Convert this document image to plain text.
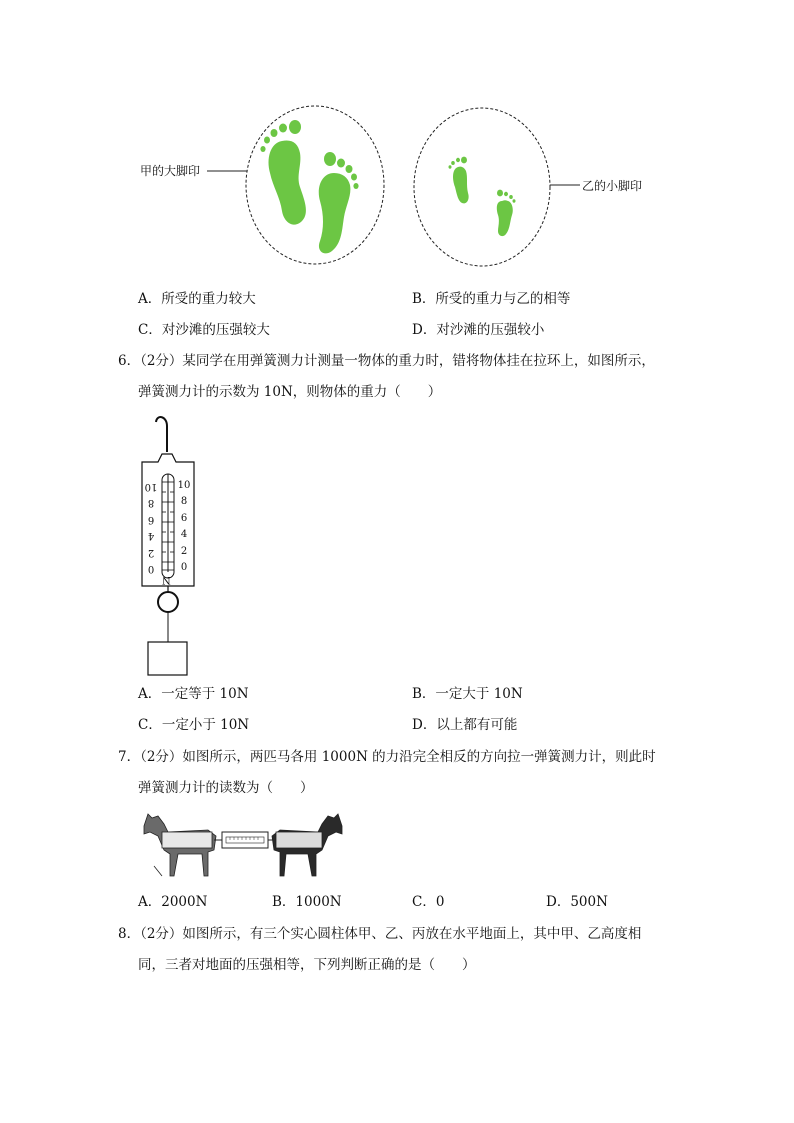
甲的大脚印
乙的小脚印
A．所受的重力较大	B．所受的重力与乙的相等
C．对沙滩的压强较大	D．对沙滩的压强较小
6．（2分）某同学在用弹簧测力计测量一物体的重力时，错将物体挂在拉环上，如图所示，
弹簧测力计的示数为 10N，则物体的重力（　　）
0
2
4
6
8
10 10
8
6
4
2
0
N
A．一定等于 10N	B．一定大于 10N
C．一定小于 10N	D．以上都有可能
7．（2分）如图所示，两匹马各用 1000N 的力沿完全相反的方向拉一弹簧测力计，则此时
弹簧测力计的读数为（　　）
A．2000N	B．1000N	C．0	D．500N
8．（2分）如图所示，有三个实心圆柱体甲、乙、丙放在水平地面上，其中甲、乙高度相
同，三者对地面的压强相等，下列判断正确的是（　　）
